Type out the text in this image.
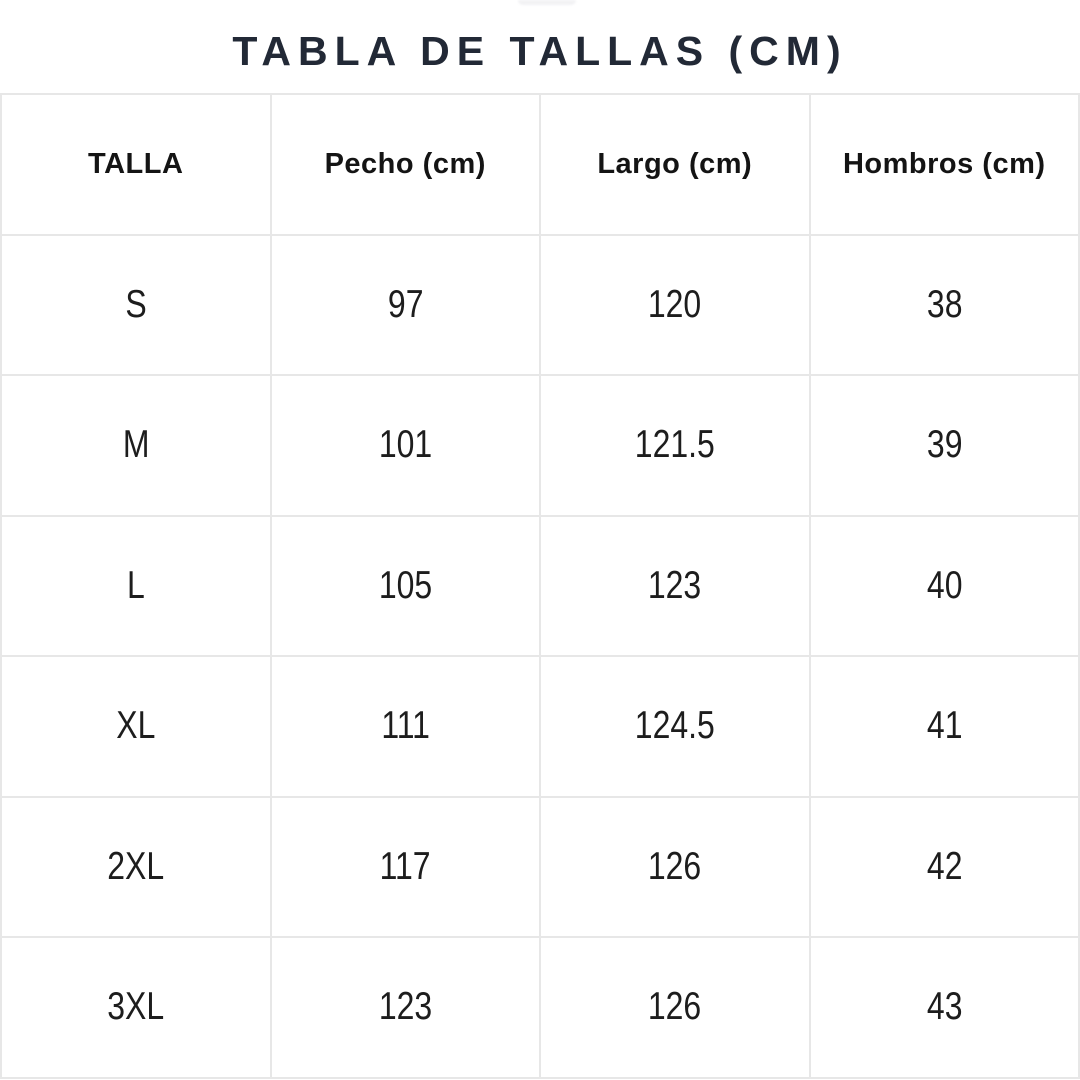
TABLA DE TALLAS (CM)
TALLA	Pecho (cm)	Largo (cm)	Hombros (cm)
S	97	120	38
M	101	121.5	39
L	105	123	40
XL	111	124.5	41
2XL	117	126	42
3XL	123	126	43
